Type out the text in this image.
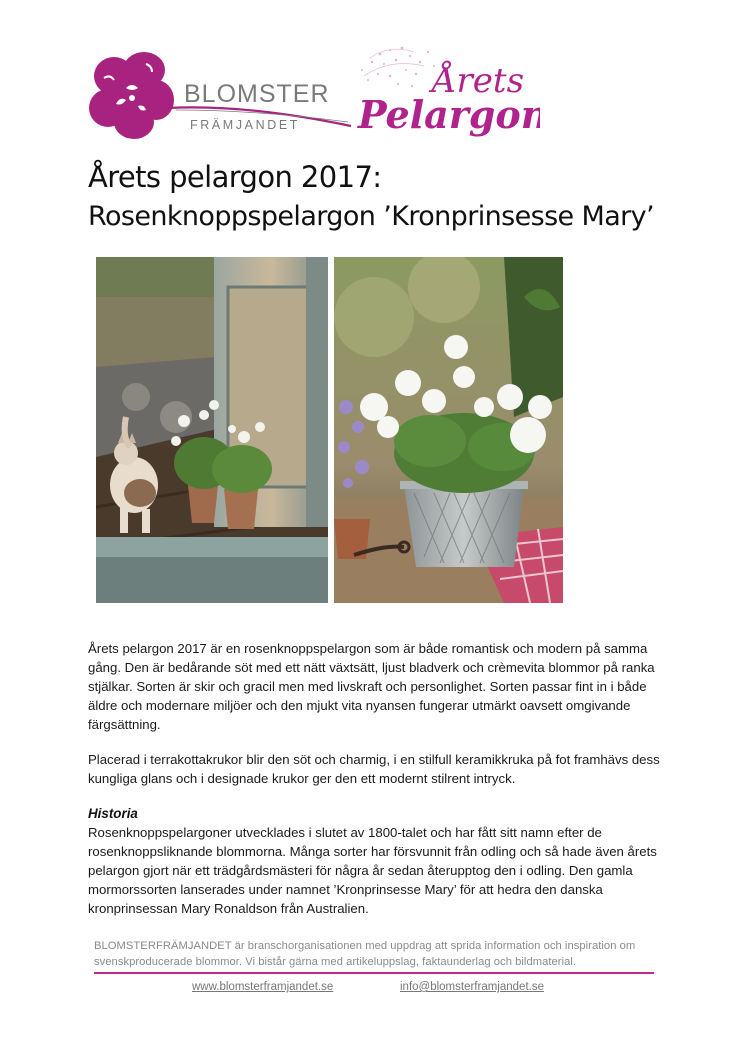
BLOMSTER
FRÄMJANDET
Årets
Pelargon
Årets pelargon 2017:
Rosenknoppspelargon ’Kronprinsesse Mary’
Årets pelargon 2017 är en rosenknoppspelargon som är både romantisk och modern på samma gång. Den är bedårande söt med ett nätt växtsätt, ljust bladverk och crèmevita blommor på ranka stjälkar. Sorten är skir och gracil men med livskraft och personlighet. Sorten passar fint in i både äldre och modernare miljöer och den mjukt vita nyansen fungerar utmärkt oavsett omgivande färgsättning.
Placerad i terrakottakrukor blir den söt och charmig, i en stilfull keramikkruka på fot framhävs dess kungliga glans och i designade krukor ger den ett modernt stilrent intryck.
Historia
Rosenknoppspelargoner utvecklades i slutet av 1800-talet och har fått sitt namn efter de rosenknoppsliknande blommorna. Många sorter har försvunnit från odling och så hade även årets pelargon gjort när ett trädgårdsmästeri för några år sedan återupptog den i odling. Den gamla mormorssorten lanserades under namnet ’Kronprinsesse Mary’ för att hedra den danska kronprinsessan Mary Ronaldson från Australien.
BLOMSTERFRÄMJANDET är branschorganisationen med uppdrag att sprida information och inspiration om svenskproducerade blommor. Vi bistår gärna med artikeluppslag, faktaunderlag och bildmaterial.
www.blomsterframjandet.se	info@blomsterframjandet.se
